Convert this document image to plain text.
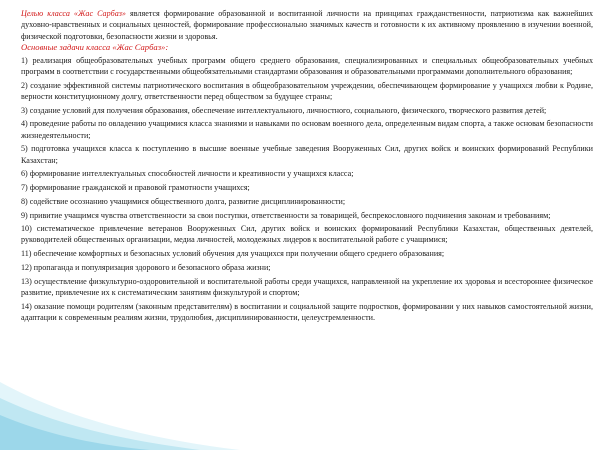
Целью класса «Жас Сарбаз» является формирование образованной и воспитанной личности на принципах гражданственности, патриотизма как важнейших духовно-нравственных и социальных ценностей, формирование профессионально значимых качеств и готовности к их активному проявлению в изучении военной, физической подготовки, безопасности жизни и здоровья.

Основные задачи класса «Жас Сарбаз»:
1) реализация общеобразовательных учебных программ общего среднего образования, специализированных и специальных общеобразовательных учебных программ в соответствии с государственными общеобязательными стандартами образования и образовательными программами дополнительного образования;
2) создание эффективной системы патриотического воспитания в общеобразовательном учреждении, обеспечивающем формирование у учащихся любви к Родине, верности конституционному долгу, ответственности перед обществом за будущее страны;
3) создание условий для получения образования, обеспечение интеллектуального, личностного, социального, физического, творческого развития детей;
4) проведение работы по овладению учащимися класса знаниями и навыками по основам военного дела, определенным видам спорта, а также основам безопасности жизнедеятельности;
5) подготовка учащихся класса к поступлению в высшие военные учебные заведения Вооруженных Сил, других войск и воинских формирований Республики Казахстан;
6) формирование интеллектуальных способностей личности и креативности у учащихся класса;
7) формирование гражданской и правовой грамотности учащихся;
8) содействие осознанию учащимися общественного долга, развитие дисциплинированности;
9) привитие учащимся чувства ответственности за свои поступки, ответственности за товарищей, беспрекословного подчинения законам и требованиям;
10) систематическое привлечение ветеранов Вооруженных Сил, других войск и воинских формирований Республики Казахстан, общественных деятелей, руководителей общественных организации, медиа личностей, молодежных лидеров к воспитательной работе с учащимися;
11) обеспечение комфортных и безопасных условий обучения для учащихся при получении общего среднего образования;
12) пропаганда и популяризация здорового и безопасного образа жизни;
13) осуществление физкультурно-оздоровительной и воспитательной работы среди учащихся, направленной на укрепление их здоровья и всестороннее физическое развитие, привлечение их к систематическим занятиям физкультурой и спортом;
14) оказание помощи родителям (законным представителям) в воспитании и социальной защите подростков, формировании у них навыков самостоятельной жизни, адаптации к современным реалиям жизни, трудолюбия, дисциплинированности, целеустремленности.
